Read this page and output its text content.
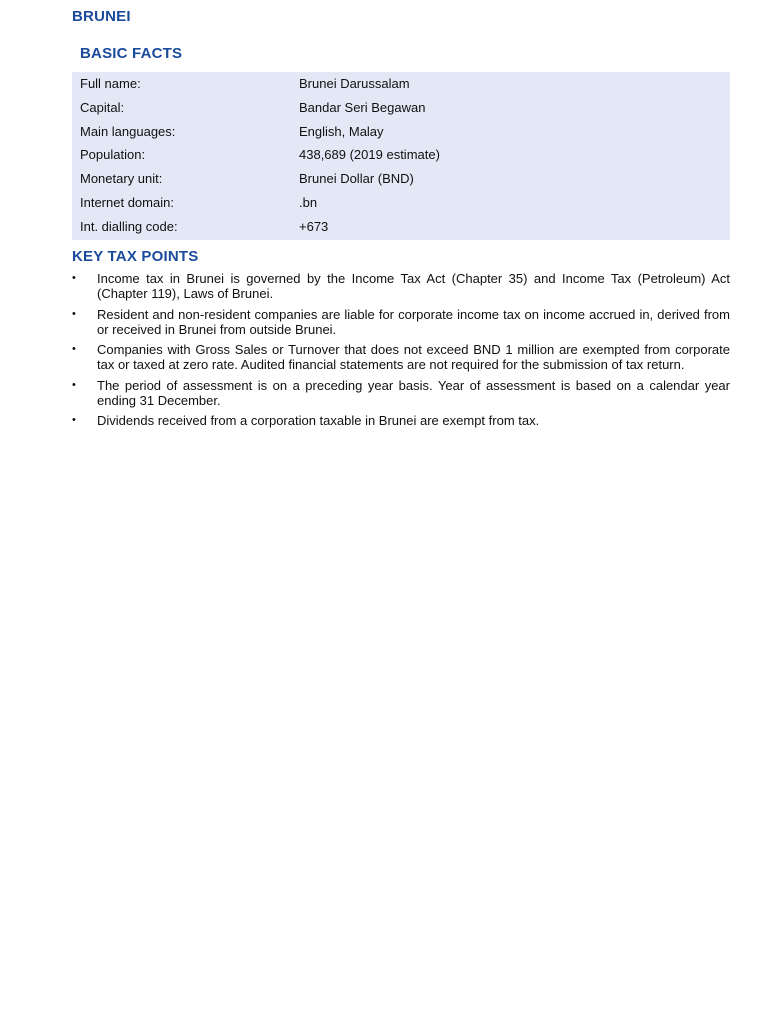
BRUNEI
BASIC FACTS
Full name:	Brunei Darussalam
Capital:	Bandar Seri Begawan
Main languages:	English, Malay
Population:	438,689 (2019 estimate)
Monetary unit:	Brunei Dollar (BND)
Internet domain:	.bn
Int. dialling code:	+673
KEY TAX POINTS
• Income tax in Brunei is governed by the Income Tax Act (Chapter 35) and Income Tax (Petroleum) Act (Chapter 119), Laws of Brunei.
• Resident and non-resident companies are liable for corporate income tax on income accrued in, derived from or received in Brunei from outside Brunei.
• Companies with Gross Sales or Turnover that does not exceed BND 1 million are exempted from corporate tax or taxed at zero rate. Audited financial statements are not required for the submission of tax return.
• The period of assessment is on a preceding year basis. Year of assessment is based on a calendar year ending 31 December.
• Dividends received from a corporation taxable in Brunei are exempt from tax.
